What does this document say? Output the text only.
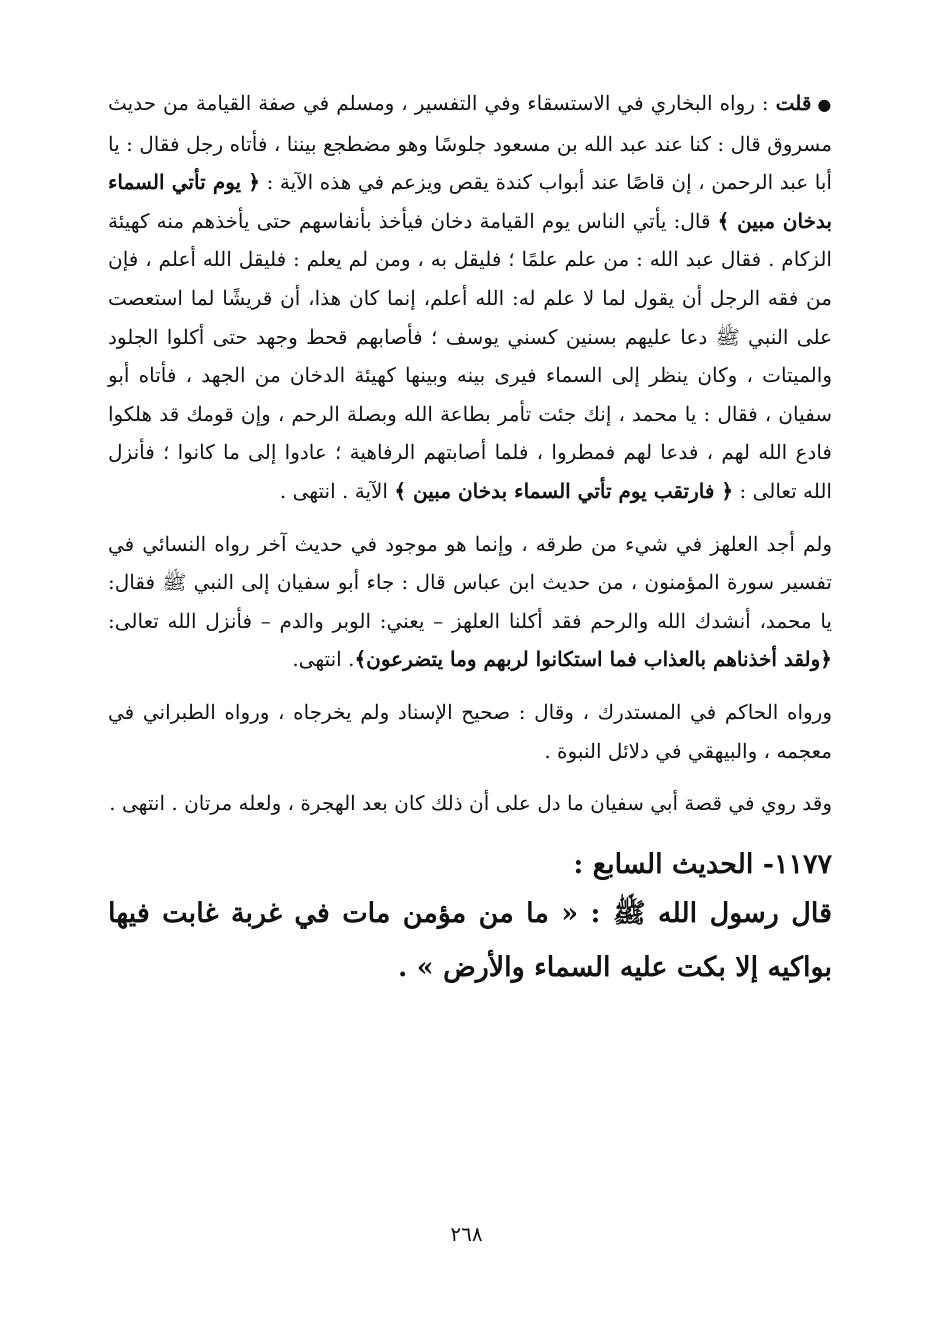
●قلت : رواه البخاري في الاستسقاء وفي التفسير ، ومسلم في صفة القيامة من حديث مسروق قال : كنا عند عبد الله بن مسعود جلوسًا وهو مضطجع بيننا ، فأتاه رجل فقال : يا أبا عبد الرحمن ، إن قاصًا عند أبواب كندة يقص ويزعم في هذه الآية : ﴿ يوم تأتي السماء بدخان مبين ﴾ قال: يأتي الناس يوم القيامة دخان فيأخذ بأنفاسهم حتى يأخذهم منه كهيئة الزكام . فقال عبد الله : من علم علمًا ؛ فليقل به ، ومن لم يعلم : فليقل الله أعلم ، فإن من فقه الرجل أن يقول لما لا علم له: الله أعلم، إنما كان هذا، أن قريشًا لما استعصت على النبي ﷺ دعا عليهم بسنين كسني يوسف ؛ فأصابهم قحط وجهد حتى أكلوا الجلود والميتات ، وكان ينظر إلى السماء فيرى بينه وبينها كهيئة الدخان من الجهد ، فأتاه أبو سفيان ، فقال : يا محمد ، إنك جئت تأمر بطاعة الله وبصلة الرحم ، وإن قومك قد هلكوا فادع الله لهم ، فدعا لهم فمطروا ، فلما أصابتهم الرفاهية ؛ عادوا إلى ما كانوا ؛ فأنزل الله تعالى : ﴿ فارتقب يوم تأتي السماء بدخان مبين ﴾ الآية . انتهى .

ولم أجد العلهز في شيء من طرقه ، وإنما هو موجود في حديث آخر رواه النسائي في تفسير سورة المؤمنون ، من حديث ابن عباس قال : جاء أبو سفيان إلى النبي ﷺ فقال: يا محمد، أنشدك الله والرحم فقد أكلنا العلهز – يعني: الوبر والدم – فأنزل الله تعالى: ﴿ولقد أخذناهم بالعذاب فما استكانوا لربهم وما يتضرعون﴾. انتهى.

ورواه الحاكم في المستدرك ، وقال : صحيح الإسناد ولم يخرجاه ، ورواه الطبراني في معجمه ، والبيهقي في دلائل النبوة .

وقد روي في قصة أبي سفيان ما دل على أن ذلك كان بعد الهجرة ، ولعله مرتان . انتهى .

١١٧٧- الحديث السابع :

قال رسول الله ﷺ : « ما من مؤمن مات في غربة غابت فيها بواكيه إلا بكت عليه السماء والأرض » .

٢٦٨
